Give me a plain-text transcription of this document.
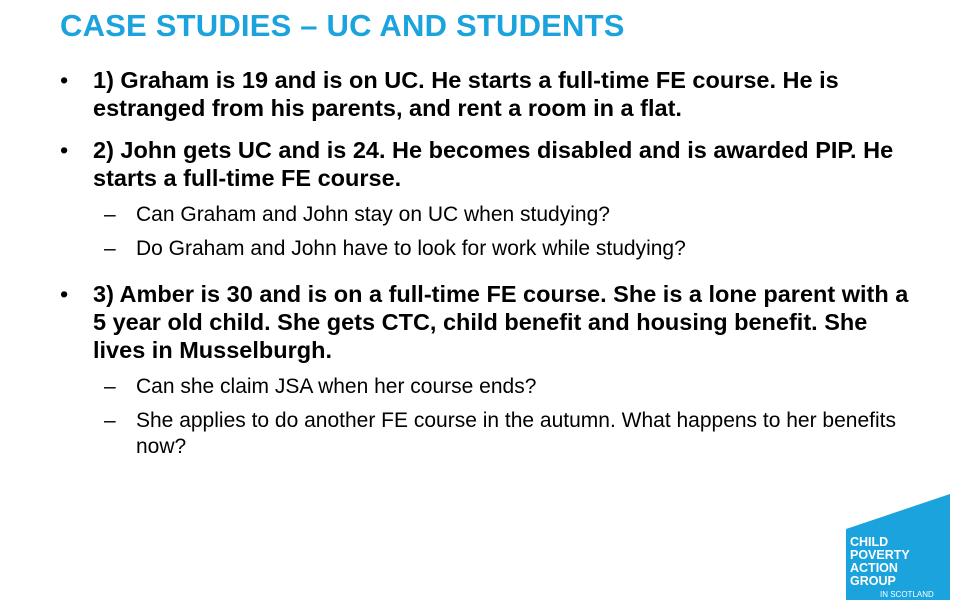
CASE STUDIES – UC AND STUDENTS
• 1) Graham is 19 and is on UC. He starts a full-time FE course. He is estranged from his parents, and rent a room in a flat.
• 2) John gets UC and is 24. He becomes disabled and is awarded PIP. He starts a full-time FE course.
– Can Graham and John stay on UC when studying?
– Do Graham and John have to look for work while studying?
• 3) Amber is 30 and is on a full-time FE course. She is a lone parent with a 5 year old child. She gets CTC, child benefit and housing benefit. She lives in Musselburgh.
– Can she claim JSA when her course ends?
– She applies to do another FE course in the autumn. What happens to her benefits now?
CHILD
POVERTY
ACTION
GROUP
IN SCOTLAND
